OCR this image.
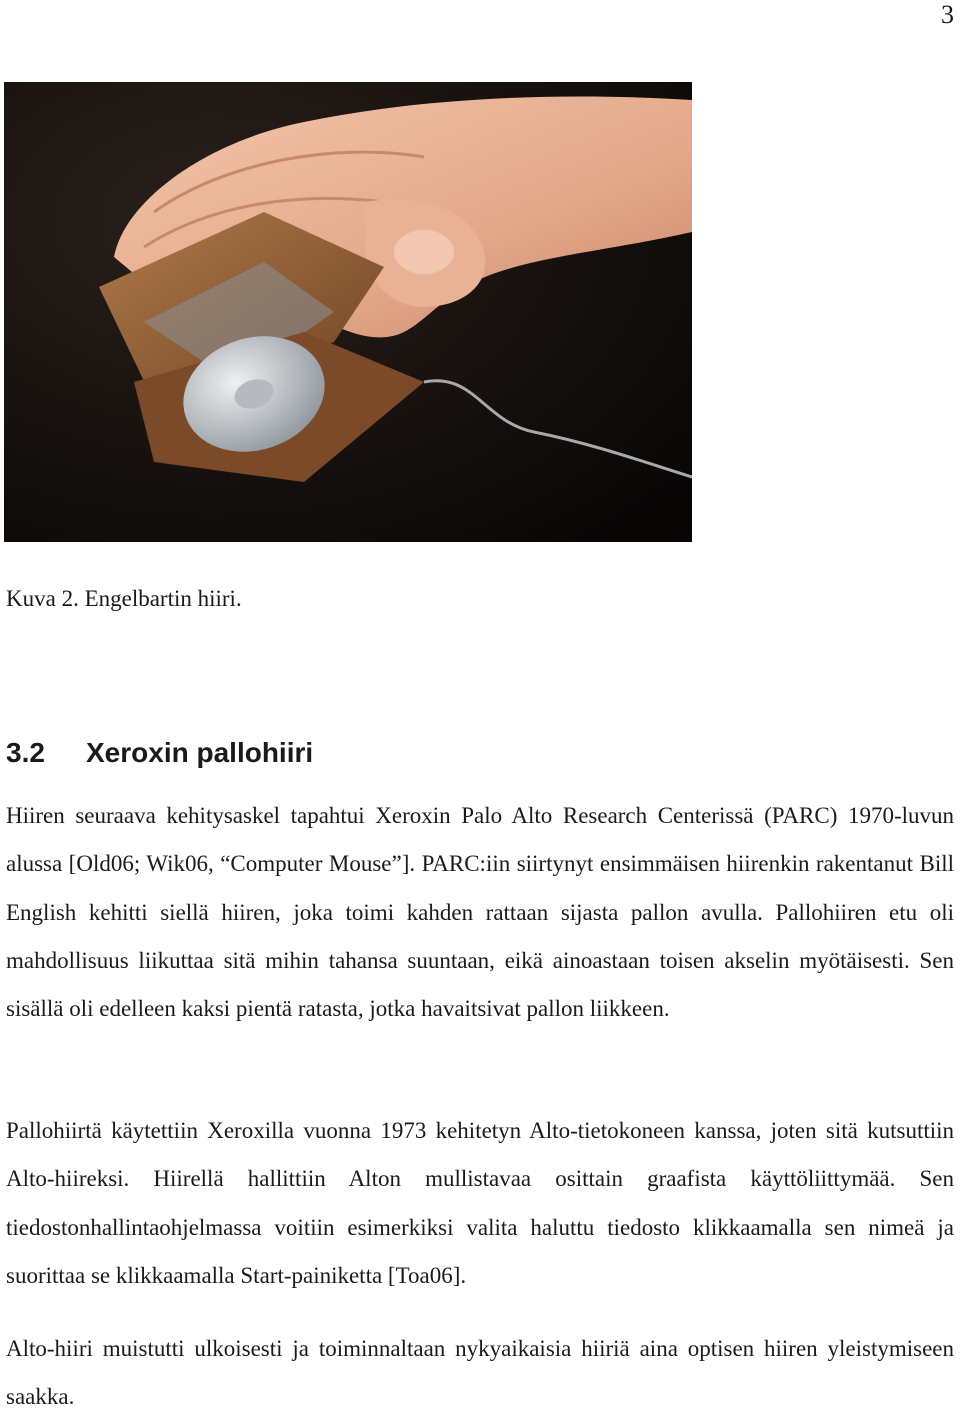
3
Kuva 2. Engelbartin hiiri.
3.2 Xeroxin pallohiiri

Hiiren seuraava kehitysaskel tapahtui Xeroxin Palo Alto Research Centerissä (PARC) 1970-luvun alussa [Old06; Wik06, “Computer Mouse”]. PARC:iin siirtynyt ensimmäisen hiirenkin rakentanut Bill English kehitti siellä hiiren, joka toimi kahden rattaan sijasta pallon avulla. Pallohiiren etu oli mahdollisuus liikuttaa sitä mihin tahansa suuntaan, eikä ainoastaan toisen akselin myötäisesti. Sen sisällä oli edelleen kaksi pientä ratasta, jotka havaitsivat pallon liikkeen.

Pallohiirtä käytettiin Xeroxilla vuonna 1973 kehitetyn Alto-tietokoneen kanssa, joten sitä kutsuttiin Alto-hiireksi. Hiirellä hallittiin Alton mullistavaa osittain graafista käyttöliittymää. Sen tiedostonhallintaohjelmassa voitiin esimerkiksi valita haluttu tiedosto klikkaamalla sen nimeä ja suorittaa se klikkaamalla Start-painiketta [Toa06].

Alto-hiiri muistutti ulkoisesti ja toiminnaltaan nykyaikaisia hiiriä aina optisen hiiren yleistymiseen saakka.
